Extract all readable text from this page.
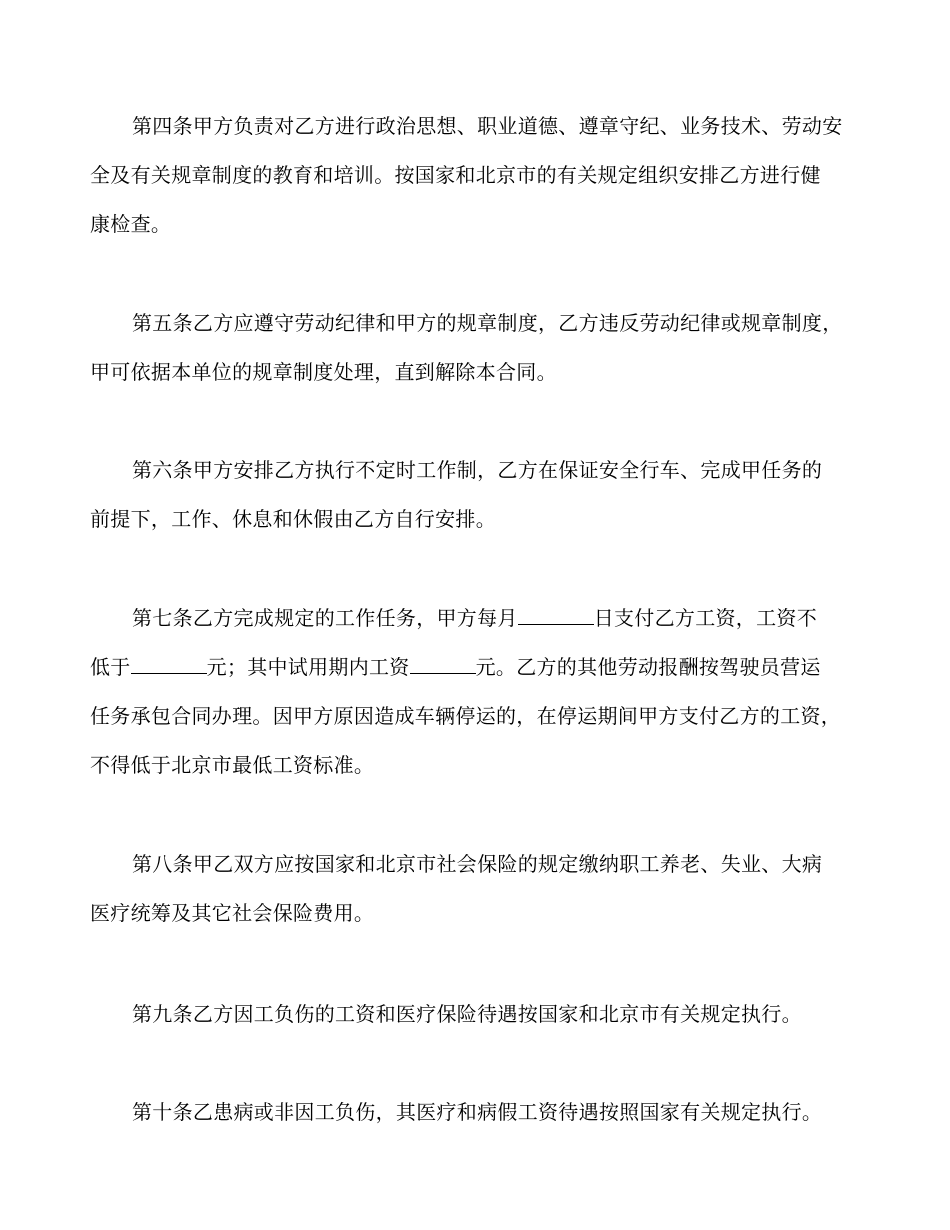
第四条甲方负责对乙方进行政治思想、职业道德、遵章守纪、业务技术、劳动安
全及有关规章制度的教育和培训。按国家和北京市的有关规定组织安排乙方进行健
康检查。
第五条乙方应遵守劳动纪律和甲方的规章制度，乙方违反劳动纪律或规章制度，
甲可依据本单位的规章制度处理，直到解除本合同。
第六条甲方安排乙方执行不定时工作制，乙方在保证安全行车、完成甲任务的
前提下，工作、休息和休假由乙方自行安排。
第七条乙方完成规定的工作任务，甲方每月	日支付乙方工资，工资不
低于	元；其中试用期内工资	元。乙方的其他劳动报酬按驾驶员营运
任务承包合同办理。因甲方原因造成车辆停运的，在停运期间甲方支付乙方的工资，
不得低于北京市最低工资标准。
第八条甲乙双方应按国家和北京市社会保险的规定缴纳职工养老、失业、大病
医疗统筹及其它社会保险费用。
第九条乙方因工负伤的工资和医疗保险待遇按国家和北京市有关规定执行。
第十条乙患病或非因工负伤，其医疗和病假工资待遇按照国家有关规定执行。
